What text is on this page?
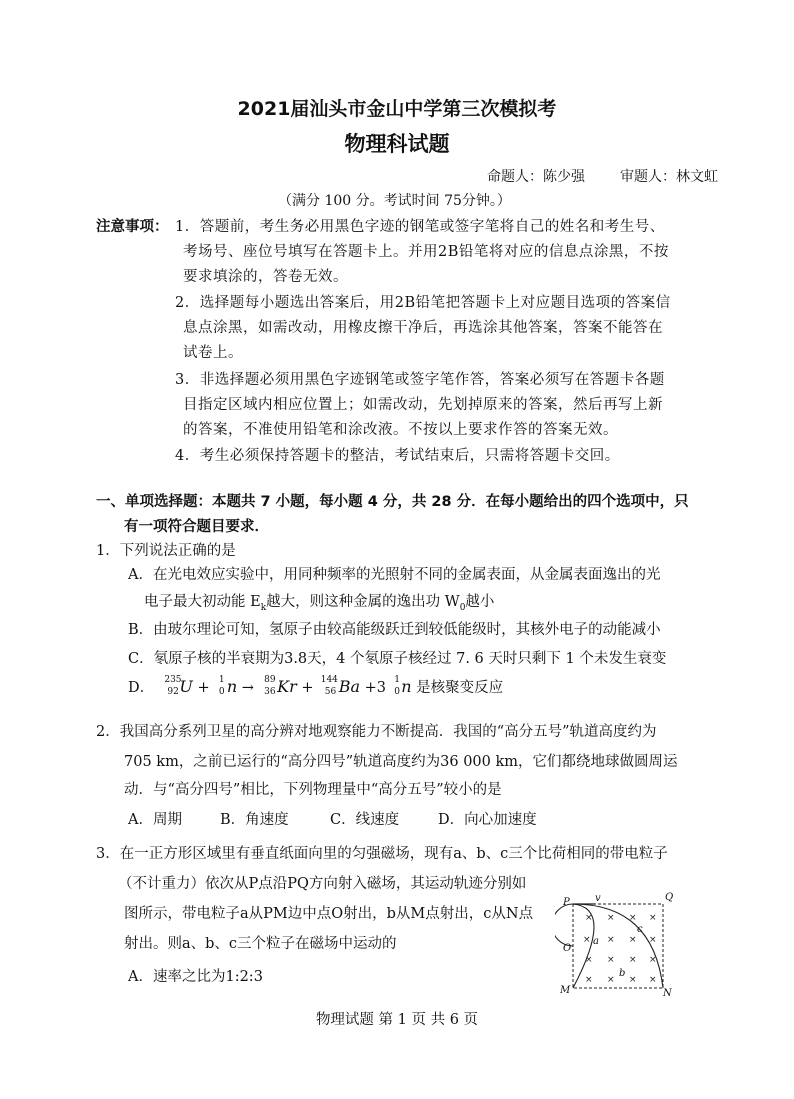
2021届汕头市金山中学第三次模拟考
物理科试题
命题人：陈少强	审题人：林文虹
（满分 100 分。考试时间 75分钟。）
注意事项： 1．答题前，考生务必用黑色字迹的钢笔或签字笔将自己的姓名和考生号、
考场号、座位号填写在答题卡上。并用2B铅笔将对应的信息点涂黑，不按
要求填涂的，答卷无效。
2．选择题每小题选出答案后，用2B铅笔把答题卡上对应题目选项的答案信
息点涂黑，如需改动，用橡皮擦干净后，再选涂其他答案，答案不能答在
试卷上。
3．非选择题必须用黑色字迹钢笔或签字笔作答，答案必须写在答题卡各题
目指定区域内相应位置上；如需改动，先划掉原来的答案，然后再写上新
的答案，不准使用铅笔和涂改液。不按以上要求作答的答案无效。
4．考生必须保持答题卡的整洁，考试结束后，只需将答题卡交回。
一、单项选择题：本题共 7 小题，每小题 4 分，共 28 分．在每小题给出的四个选项中，只
有一项符合题目要求．
1．下列说法正确的是
A．在光电效应实验中，用同种频率的光照射不同的金属表面，从金属表面逸出的光
电子最大初动能 $E_k$越大，则这种金属的逸出功 $W_0$越小
B．由玻尔理论可知，氢原子由较高能级跃迁到较低能级时，其核外电子的动能减小
C．氡原子核的半衰期为3.8天，4 个氡原子核经过 7. 6 天时只剩下 1 个未发生衰变
D． 235
92 U + 1
0 n → 89
36 Kr + 144
56 Ba +3 1
0 n 是核聚变反应
2．我国高分系列卫星的高分辨对地观察能力不断提高．我国的“高分五号”轨道高度约为
705 km，之前已运行的“高分四号”轨道高度约为36 000 km，它们都绕地球做圆周运
动．与“高分四号”相比，下列物理量中“高分五号”较小的是
A．周期	B．角速度	C．线速度	D．向心加速度
3．在一正方形区域里有垂直纸面向里的匀强磁场，现有a、b、c三个比荷相同的带电粒子
（不计重力）依次从P点沿PQ方向射入磁场，其运动轨迹分别如
图所示，带电粒子a从PM边中点O射出，b从M点射出，c从N点
射出。则a、b、c三个粒子在磁场中运动的
A．速率之比为1:2:3
P	Q
M	N
O
v
a
b
c
× × × ×
× × × ×
× × × ×
× × × ×
物理试题 第 1 页 共 6 页
